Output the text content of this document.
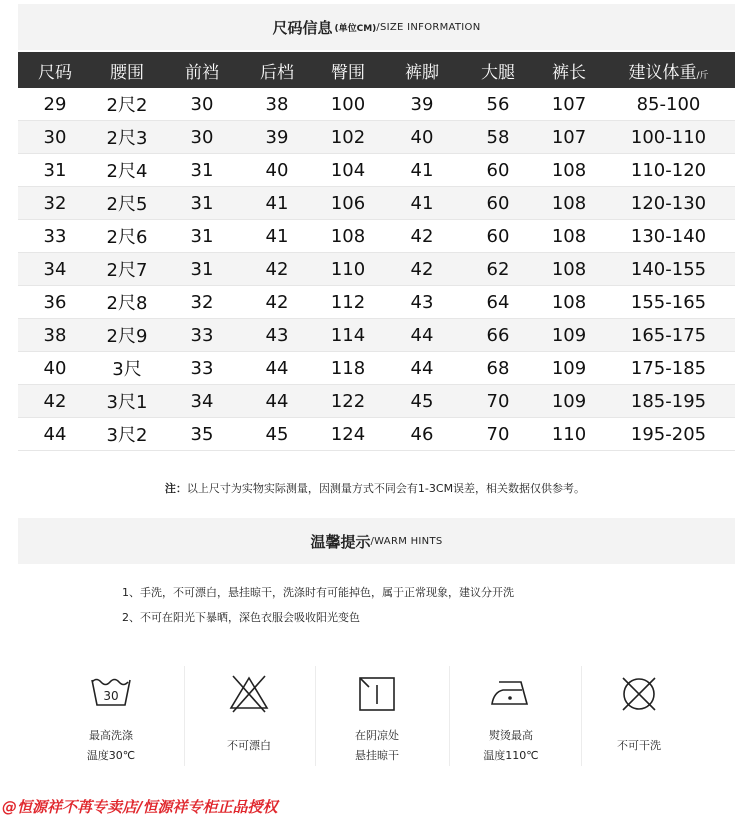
尺码信息 (单位CM) /SIZE INFORMATION
尺码	腰围	前裆	后档	臀围	裤脚	大腿	裤长	建议体重/斤
29	2尺2	30	38	100	39	56	107	85-100
30	2尺3	30	39	102	40	58	107	100-110
31	2尺4	31	40	104	41	60	108	110-120
32	2尺5	31	41	106	41	60	108	120-130
33	2尺6	31	41	108	42	60	108	130-140
34	2尺7	31	42	110	42	62	108	140-155
36	2尺8	32	42	112	43	64	108	155-165
38	2尺9	33	43	114	44	66	109	165-175
40	3尺	33	44	118	44	68	109	175-185
42	3尺1	34	44	122	45	70	109	185-195
44	3尺2	35	45	124	46	70	110	195-205
注：以上尺寸为实物实际测量，因测量方式不同会有1-3CM误差，相关数据仅供参考。
温馨提示 /WARM HINTS
1、手洗，不可漂白，悬挂晾干，洗涤时有可能掉色，属于正常现象，建议分开洗
2、不可在阳光下暴晒，深色衣服会吸收阳光变色
30
最高洗涤
温度30℃
不可漂白
在阴凉处
悬挂晾干
熨烫最高
温度110℃
不可干洗
@恒源祥不苒专卖店/恒源祥专柜正品授权
